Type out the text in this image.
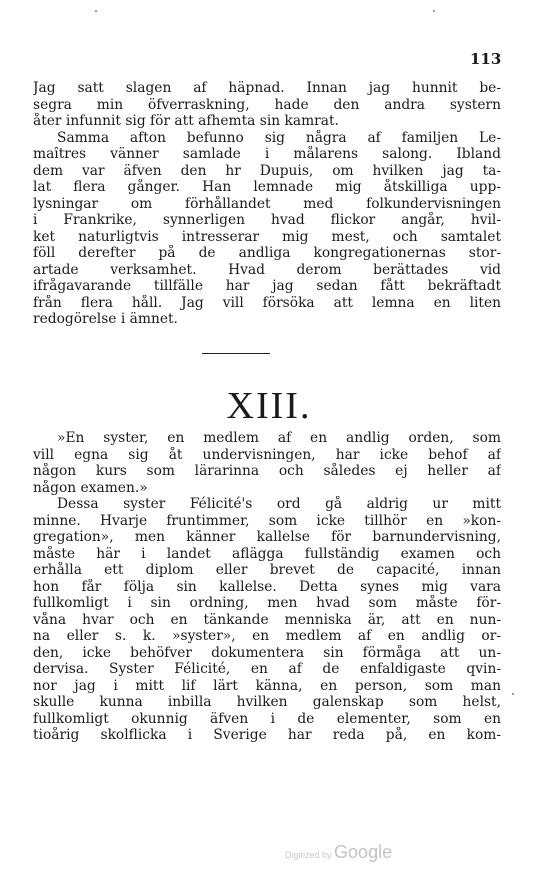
113
Jag satt slagen af häpnad. Innan jag hunnit be-
segra min öfverraskning, hade den andra systern
åter infunnit sig för att afhemta sin kamrat.
Samma afton befunno sig några af familjen Le-
maîtres vänner samlade i målarens salong. Ibland
dem var äfven den hr Dupuis, om hvilken jag ta-
lat flera gånger. Han lemnade mig åtskilliga upp-
lysningar om förhållandet med folkundervisningen
i Frankrike, synnerligen hvad flickor angår, hvil-
ket naturligtvis intresserar mig mest, och samtalet
föll derefter på de andliga kongregationernas stor-
artade verksamhet. Hvad derom berättades vid
ifrågavarande tillfälle har jag sedan fått bekräftadt
från flera håll. Jag vill försöka att lemna en liten
redogörelse i ämnet.
XIII.
»En syster, en medlem af en andlig orden, som
vill egna sig åt undervisningen, har icke behof af
någon kurs som lärarinna och således ej heller af
någon examen.»
Dessa syster Félicité's ord gå aldrig ur mitt
minne. Hvarje fruntimmer, som icke tillhör en »kon-
gregation», men känner kallelse för barnundervisning,
måste här i landet aflägga fullständig examen och
erhålla ett diplom eller brevet de capacité, innan
hon får följa sin kallelse. Detta synes mig vara
fullkomligt i sin ordning, men hvad som måste för-
våna hvar och en tänkande menniska är, att en nun-
na eller s. k. »syster», en medlem af en andlig or-
den, icke behöfver dokumentera sin förmåga att un-
dervisa. Syster Félicité, en af de enfaldigaste qvin-
nor jag i mitt lif lärt känna, en person, som man
skulle kunna inbilla hvilken galenskap som helst,
fullkomligt okunnig äfven i de elementer, som en
tioårig skolflicka i Sverige har reda på, en kom-
Digitized by Google
